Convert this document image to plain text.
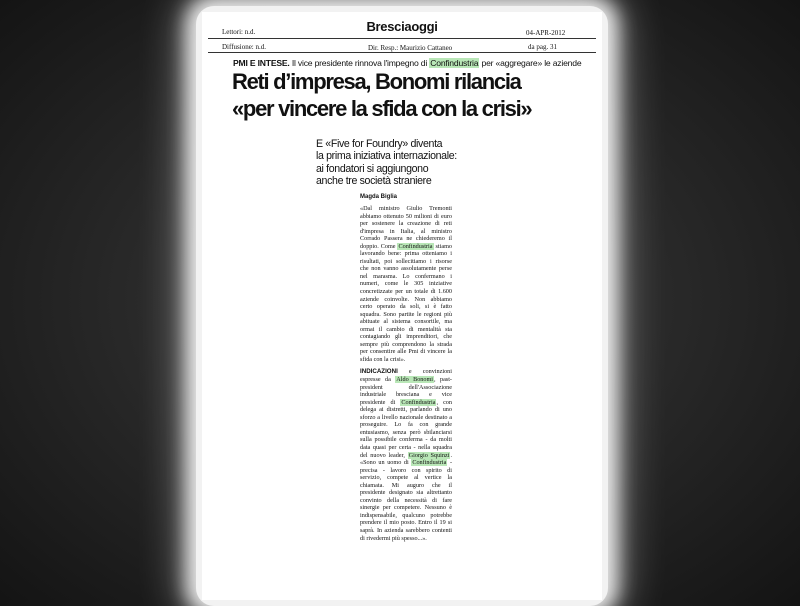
Lettori: n.d.
Diffusione: n.d.
Bresciaoggi
Dir. Resp.: Maurizio Cattaneo
04-APR-2012
da pag. 31
PMI E INTESE. Il vice presidente rinnova l'impegno di Confindustria per «aggregare» le aziende
Reti d’impresa, Bonomi rilancia
«per vincere la sfida con la crisi»
E «Five for Foundry» diventa
la prima iniziativa internazionale:
ai fondatori si aggiungono
anche tre società straniere
Magda Biglia

«Dal ministro Giulio Tremonti abbiamo ottenuto 50 milioni di euro per sostenere la creazione di reti d'impresa in Italia, al ministro Corrado Passera ne chiederemo il doppio. Come Confindustria stiamo lavorando bene: prima otteniamo i risultati, poi sollecitiamo i risorse che non vanno assolutamente perse nel marasma. Lo confermano i numeri, come le 305 iniziative concretizzate per un totale di 1.600 aziende coinvolte. Non abbiamo certo operato da soli, si è fatto squadra. Sono partite le regioni più abituate al sistema consortile, ma ormai il cambio di mentalità sta contagiando gli imprenditori, che sempre più comprendono la strada per consentire alle Pmi di vincere la sfida con la crisi».

INDICAZIONI e convinzioni espresse da Aldo Bonomi, past-president dell'Associazione industriale bresciana e vice presidente di Confindustria, con delega ai distretti, parlando di uno sforzo a livello nazionale destinato a proseguire. Lo fa con grande entusiasmo, senza però sbilanciarsi sulla possibile conferma - da molti data quasi per certa - nella squadra del nuovo leader, Giorgio Squinzi. «Sono un uomo di Confindustria - precisa - lavoro con spirito di servizio, compete al vertice la chiamata. Mi auguro che il presidente designato sia altrettanto convinto della necessità di fare sinergie per competere. Nessuno è indispensabile, qualcuno potrebbe prendere il mio posto. Entro il 19 si saprà. In azienda sarebbero contenti di rivedermi più spesso...».
